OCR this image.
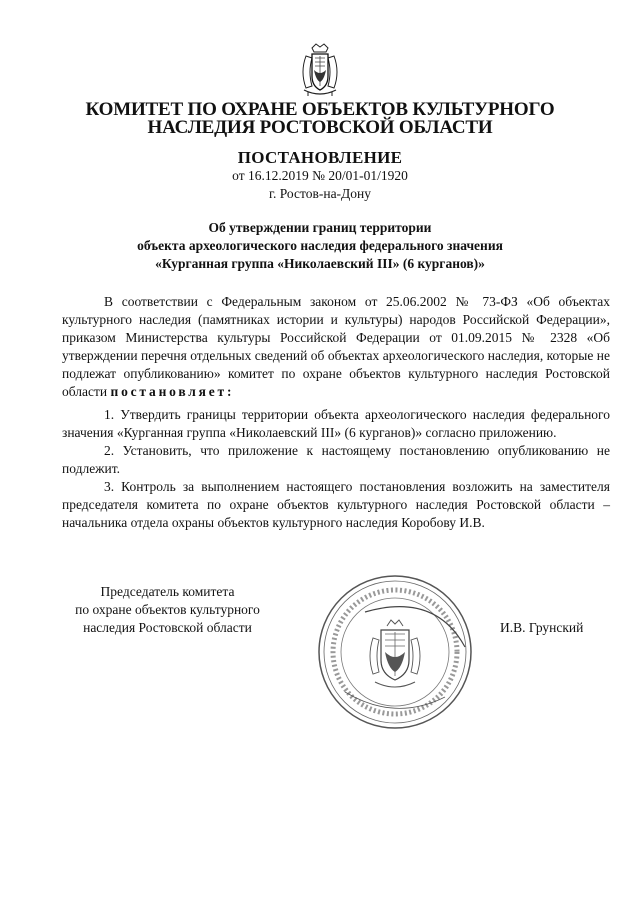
КОМИТЕТ ПО ОХРАНЕ ОБЪЕКТОВ КУЛЬТУРНОГО
НАСЛЕДИЯ РОСТОВСКОЙ ОБЛАСТИ
ПОСТАНОВЛЕНИЕ
от 16.12.2019 № 20/01-01/1920
г. Ростов-на-Дону
Об утверждении границ территории
объекта археологического наследия федерального значения
«Курганная группа «Николаевский III» (6 курганов)»

В соответствии с Федеральным законом от 25.06.2002 № 73-ФЗ «Об объектах культурного наследия (памятниках истории и культуры) народов Российской Федерации», приказом Министерства культуры Российской Федерации от 01.09.2015 № 2328 «Об утверждении перечня отдельных сведений об объектах археологического наследия, которые не подлежат опубликованию» комитет по охране объектов культурного наследия Ростовской области постановляет:

1. Утвердить границы территории объекта археологического наследия федерального значения «Курганная группа «Николаевский III» (6 курганов)» согласно приложению.

2. Установить, что приложение к настоящему постановлению опубликованию не подлежит.

3. Контроль за выполнением настоящего постановления возложить на заместителя председателя комитета по охране объектов культурного наследия Ростовской области – начальника отдела охраны объектов культурного наследия Коробову И.В.

Председатель комитета
по охране объектов культурного
наследия Ростовской области	И.В. Грунский
